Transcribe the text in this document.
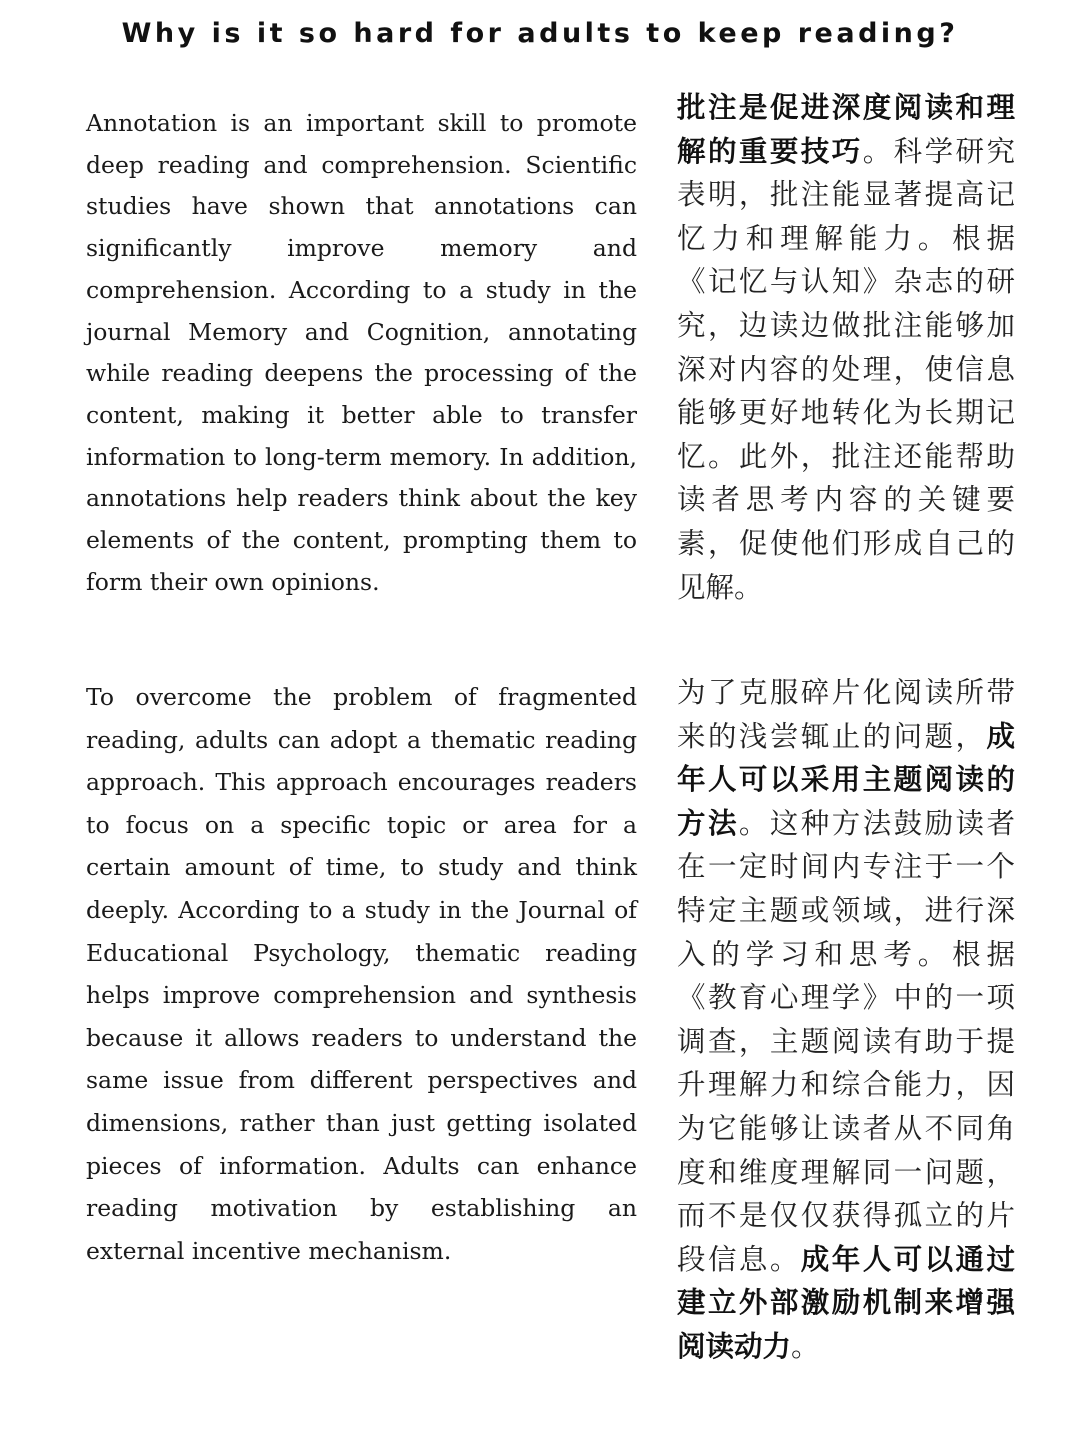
Why is it so hard for adults to keep reading?
Annotation is an important skill to promote deep reading and comprehension. Scientific studies have shown that annotations can significantly improve memory and comprehension. According to a study in the journal Memory and Cognition, annotating while reading deepens the processing of the content, making it better able to transfer information to long-term memory. In addition, annotations help readers think about the key elements of the content, prompting them to form their own opinions.
批注是促进深度阅读和理解的重要技巧。科学研究表明，批注能显著提高记忆力和理解能力。根据《记忆与认知》杂志的研究，边读边做批注能够加深对内容的处理，使信息能够更好地转化为长期记忆。此外，批注还能帮助读者思考内容的关键要素，促使他们形成自己的见解。
To overcome the problem of fragmented reading, adults can adopt a thematic reading approach. This approach encourages readers to focus on a specific topic or area for a certain amount of time, to study and think deeply. According to a study in the Journal of Educational Psychology, thematic reading helps improve comprehension and synthesis because it allows readers to understand the same issue from different perspectives and dimensions, rather than just getting isolated pieces of information. Adults can enhance reading motivation by establishing an external incentive mechanism.
为了克服碎片化阅读所带来的浅尝辄止的问题，成年人可以采用主题阅读的方法。这种方法鼓励读者在一定时间内专注于一个特定主题或领域，进行深入的学习和思考。根据《教育心理学》中的一项调查，主题阅读有助于提升理解力和综合能力，因为它能够让读者从不同角度和维度理解同一问题，而不是仅仅获得孤立的片段信息。成年人可以通过建立外部激励机制来增强阅读动力。
